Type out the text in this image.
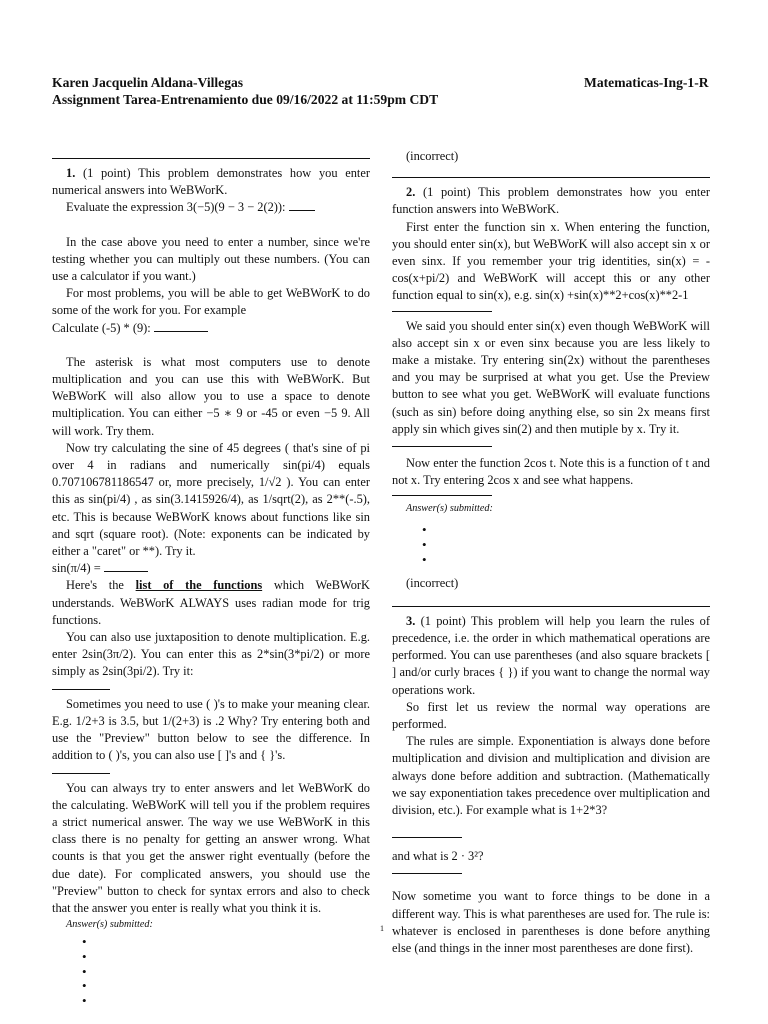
Karen Jacquelin Aldana-Villegas	Matematicas-Ing-1-R
Assignment Tarea-Entrenamiento due 09/16/2022 at 11:59pm CDT

1. (1 point) This problem demonstrates how you enter numerical answers into WeBWorK.

Evaluate the expression 3(−5)(9 − 3 − 2(2)):

In the case above you need to enter a number, since we're testing whether you can multiply out these numbers. (You can use a calculator if you want.)

For most problems, you will be able to get WeBWorK to do some of the work for you. For example

Calculate (-5) * (9):

The asterisk is what most computers use to denote multiplication and you can use this with WeBWorK. But WeBWorK will also allow you to use a space to denote multiplication. You can either −5 ∗ 9 or -45 or even −5 9. All will work. Try them.

Now try calculating the sine of 45 degrees ( that's sine of pi over 4 in radians and numerically sin(pi/4) equals 0.707106781186547 or, more precisely, 1/√2 ). You can enter this as sin(pi/4) , as sin(3.1415926/4), as 1/sqrt(2), as 2**(-.5), etc. This is because WeBWorK knows about functions like sin and sqrt (square root). (Note: exponents can be indicated by either a "caret" or **). Try it.

sin(π/4) =

Here's the list of the functions which WeBWorK understands. WeBWorK ALWAYS uses radian mode for trig functions.

You can also use juxtaposition to denote multiplication. E.g. enter 2sin(3π/2). You can enter this as 2*sin(3*pi/2) or more simply as 2sin(3pi/2). Try it:

Sometimes you need to use ( )'s to make your meaning clear. E.g. 1/2+3 is 3.5, but 1/(2+3) is .2 Why? Try entering both and use the "Preview" button below to see the difference. In addition to ( )'s, you can also use [ ]'s and { }'s.

You can always try to enter answers and let WeBWorK do the calculating. WeBWorK will tell you if the problem requires a strict numerical answer. The way we use WeBWorK in this class there is no penalty for getting an answer wrong. What counts is that you get the answer right eventually (before the due date). For complicated answers, you should use the "Preview" button to check for syntax errors and also to check that the answer you enter is really what you think it is.

Answer(s) submitted:
•
•
•
•
•

(incorrect)

2. (1 point) This problem demonstrates how you enter function answers into WeBWorK.

First enter the function sin x. When entering the function, you should enter sin(x), but WeBWorK will also accept sin x or even sinx. If you remember your trig identities, sin(x) = -cos(x+pi/2) and WeBWorK will accept this or any other function equal to sin(x), e.g. sin(x) +sin(x)**2+cos(x)**2-1

We said you should enter sin(x) even though WeBWorK will also accept sin x or even sinx because you are less likely to make a mistake. Try entering sin(2x) without the parentheses and you may be surprised at what you get. Use the Preview button to see what you get. WeBWorK will evaluate functions (such as sin) before doing anything else, so sin 2x means first apply sin which gives sin(2) and then mutiple by x. Try it.

Now enter the function 2cos t. Note this is a function of t and not x. Try entering 2cos x and see what happens.

Answer(s) submitted:
•
•
•

(incorrect)

3. (1 point) This problem will help you learn the rules of precedence, i.e. the order in which mathematical operations are performed. You can use parentheses (and also square brackets [ ] and/or curly braces { }) if you want to change the normal way operations work.

So first let us review the normal way operations are performed.

The rules are simple. Exponentiation is always done before multiplication and division and multiplication and division are always done before addition and subtraction. (Mathematically we say exponentiation takes precedence over multiplication and division, etc.). For example what is 1+2*3?

and what is 2 · 3²?

Now sometime you want to force things to be done in a different way. This is what parentheses are used for. The rule is: whatever is enclosed in parentheses is done before anything else (and things in the inner most parentheses are done first).

1
